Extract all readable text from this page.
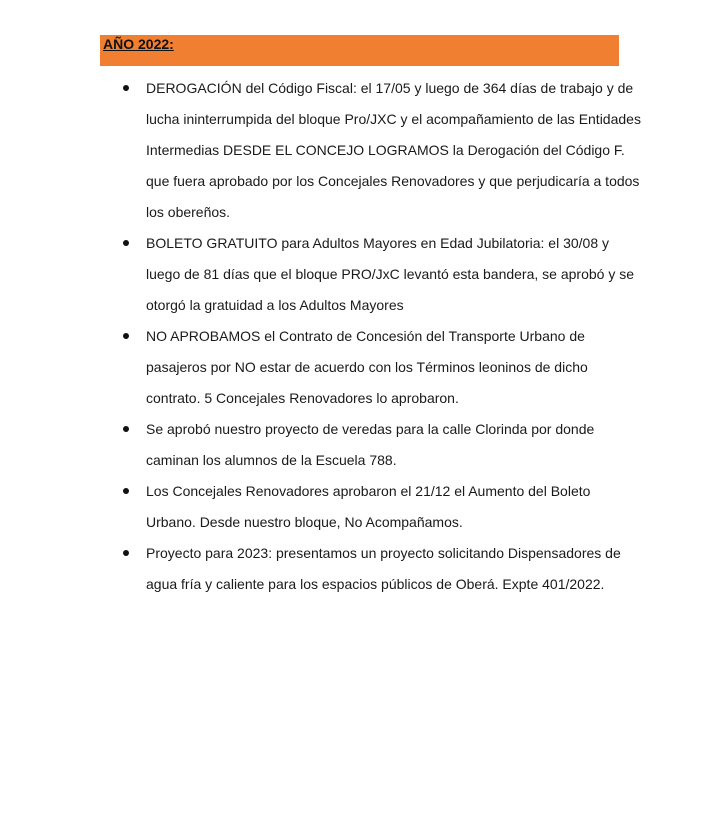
AÑO 2022:
DEROGACIÓN del Código Fiscal: el 17/05 y luego de 364 días de trabajo y de
lucha ininterrumpida del bloque Pro/JXC y el acompañamiento de las Entidades
Intermedias DESDE EL CONCEJO LOGRAMOS la Derogación del Código F.
que fuera aprobado por los Concejales Renovadores y que perjudicaría a todos
los obereños.
BOLETO GRATUITO para Adultos Mayores en Edad Jubilatoria: el 30/08 y
luego de 81 días que el bloque PRO/JxC levantó esta bandera, se aprobó y se
otorgó la gratuidad a los Adultos Mayores
NO APROBAMOS el Contrato de Concesión del Transporte Urbano de
pasajeros por NO estar de acuerdo con los Términos leoninos de dicho
contrato. 5 Concejales Renovadores lo aprobaron.
Se aprobó nuestro proyecto de veredas para la calle Clorinda por donde
caminan los alumnos de la Escuela 788.
Los Concejales Renovadores aprobaron el 21/12 el Aumento del Boleto
Urbano. Desde nuestro bloque, No Acompañamos.
Proyecto para 2023: presentamos un proyecto solicitando Dispensadores de
agua fría y caliente para los espacios públicos de Oberá. Expte 401/2022.
